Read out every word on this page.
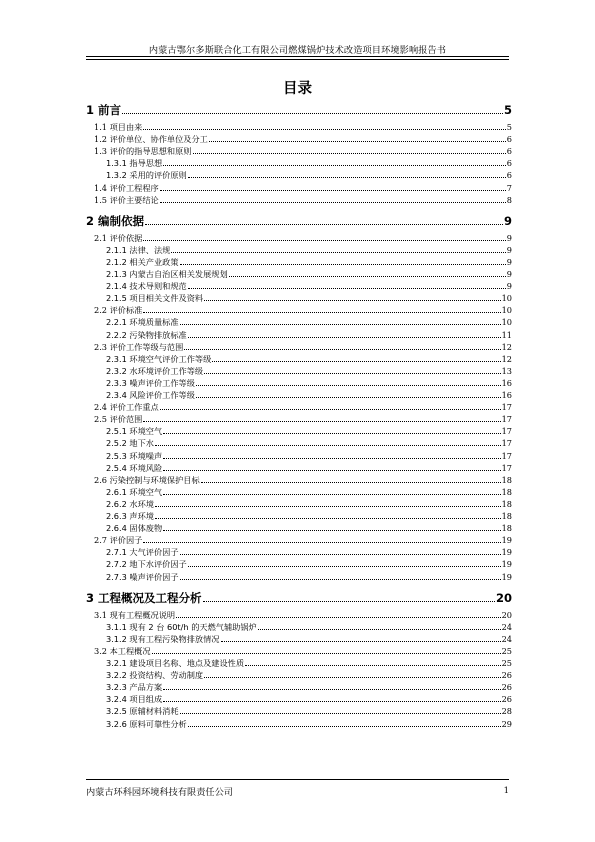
内蒙古鄂尔多斯联合化工有限公司燃煤锅炉技术改造项目环境影响报告书
目录
1 前言	5
1.1 项目由来	5
1.2 评价单位、协作单位及分工	6
1.3 评价的指导思想和原则	6
1.3.1 指导思想	6
1.3.2 采用的评价原则	6
1.4 评价工程程序	7
1.5 评价主要结论	8
2 编制依据	9
2.1 评价依据	9
2.1.1 法律、法规	9
2.1.2 相关产业政策	9
2.1.3 内蒙古自治区相关发展规划	9
2.1.4 技术导则和规范	9
2.1.5 项目相关文件及资料	10
2.2 评价标准	10
2.2.1 环境质量标准	10
2.2.2 污染物排放标准	11
2.3 评价工作等级与范围	12
2.3.1 环境空气评价工作等级	12
2.3.2 水环境评价工作等级	13
2.3.3 噪声评价工作等级	16
2.3.4 风险评价工作等级	16
2.4 评价工作重点	17
2.5 评价范围	17
2.5.1 环境空气	17
2.5.2 地下水	17
2.5.3 环境噪声	17
2.5.4 环境风险	17
2.6 污染控制与环境保护目标	18
2.6.1 环境空气	18
2.6.2 水环境	18
2.6.3 声环境	18
2.6.4 固体废物	18
2.7 评价因子	19
2.7.1 大气评价因子	19
2.7.2 地下水评价因子	19
2.7.3 噪声评价因子	19
3 工程概况及工程分析	20
3.1 现有工程概况说明	20
3.1.1 现有 2 台 60t/h 的天燃气辅助锅炉	24
3.1.2 现有工程污染物排放情况	24
3.2 本工程概况	25
3.2.1 建设项目名称、地点及建设性质	25
3.2.2 投资结构、劳动制度	26
3.2.3 产品方案	26
3.2.4 项目组成	26
3.2.5 原辅材料消耗	28
3.2.6 原料可靠性分析	29
内蒙古环科园环境科技有限责任公司	1
